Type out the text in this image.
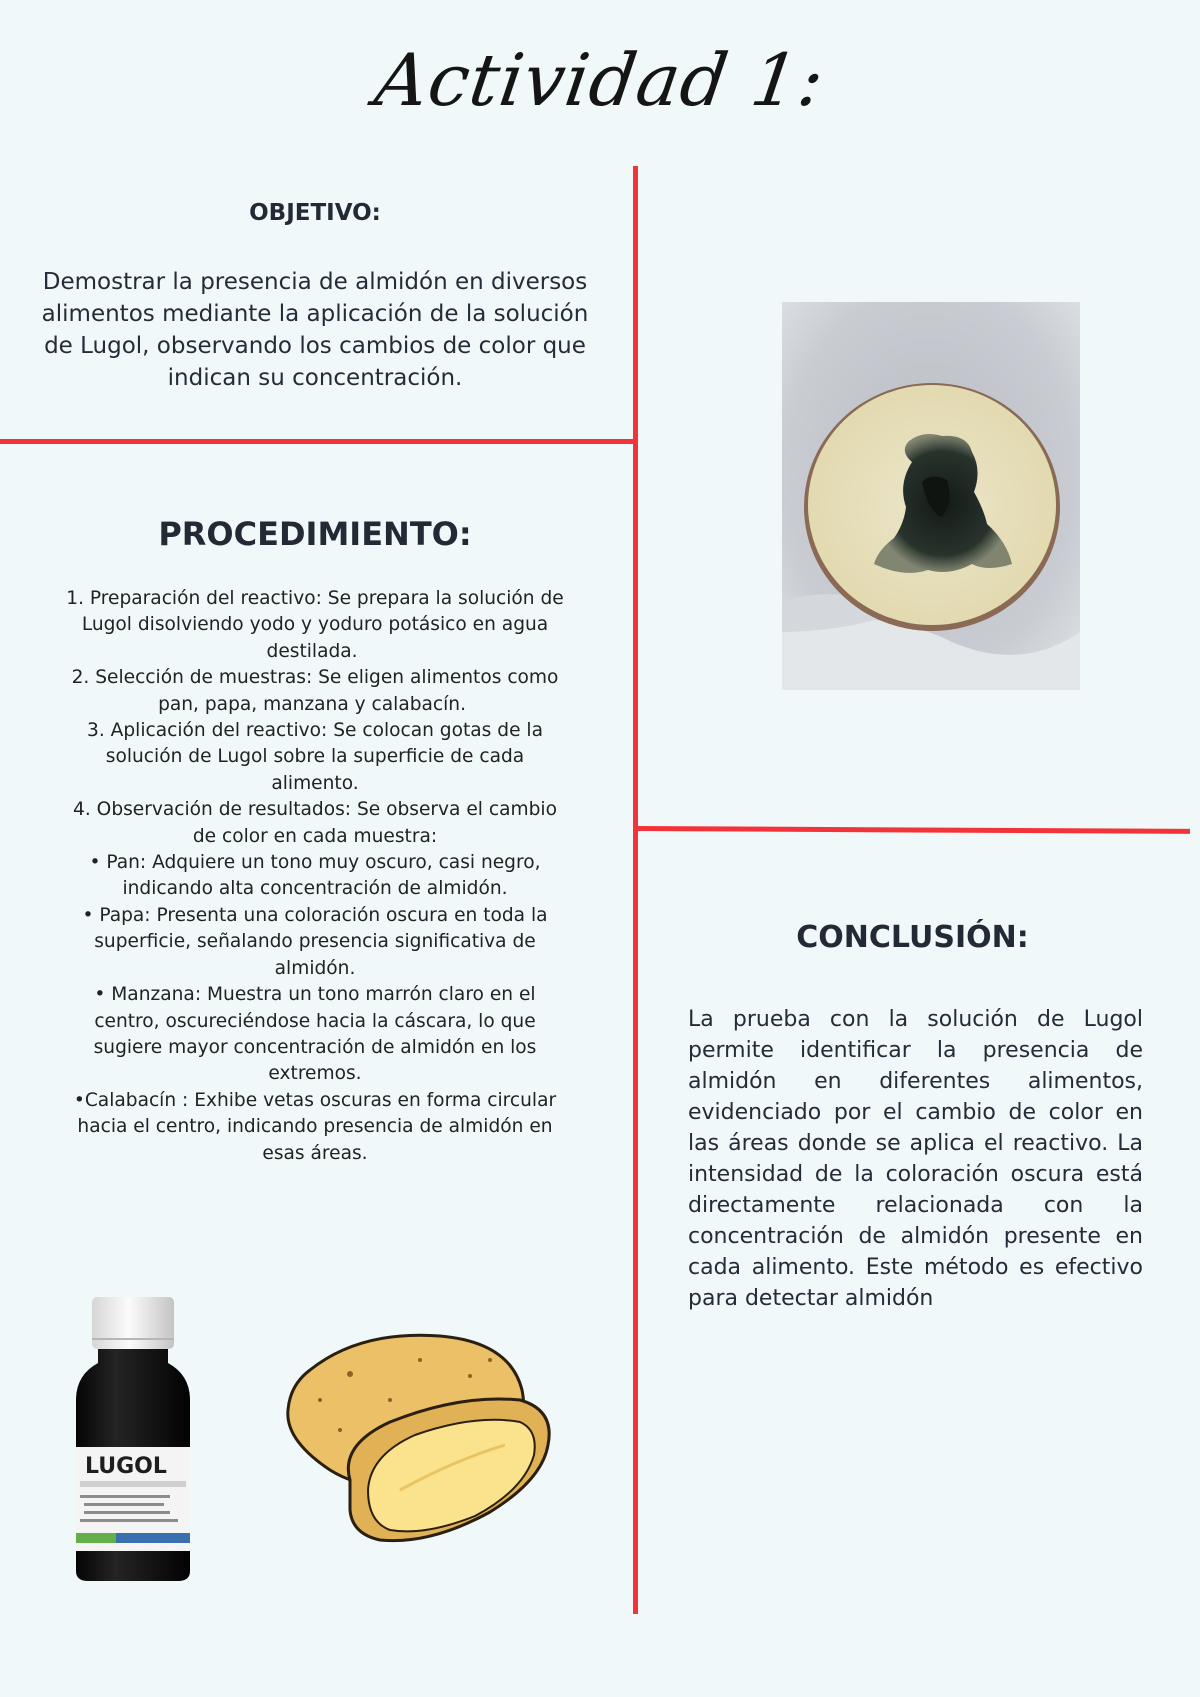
Actividad 1:
OBJETIVO:

Demostrar la presencia de almidón en diversos alimentos mediante la aplicación de la solución de Lugol, observando los cambios de color que indican su concentración.

PROCEDIMIENTO:
1. Preparación del reactivo: Se prepara la solución de Lugol disolviendo yodo y yoduro potásico en agua destilada. ￼
2. Selección de muestras: Se eligen alimentos como pan, papa, manzana y calabacín. ￼
3. Aplicación del reactivo: Se colocan gotas de la solución de Lugol sobre la superficie de cada alimento.
4. Observación de resultados: Se observa el cambio de color en cada muestra:
• Pan: Adquiere un tono muy oscuro, casi negro, indicando alta concentración de almidón.
• Papa: Presenta una coloración oscura en toda la superficie, señalando presencia significativa de almidón.
• Manzana: Muestra un tono marrón claro en el centro, oscureciéndose hacia la cáscara, lo que sugiere mayor concentración de almidón en los extremos.
•Calabacín : Exhibe vetas oscuras en forma circular hacia el centro, indicando presencia de almidón en esas áreas.
LUGOL
CONCLUSIÓN:

La prueba con la solución de Lugol permite identificar la presencia de almidón en diferentes alimentos, evidenciado por el cambio de color en las áreas donde se aplica el reactivo. La intensidad de la coloración oscura está directamente relacionada con la concentración de almidón presente en cada alimento. Este método es efectivo para detectar almidón
